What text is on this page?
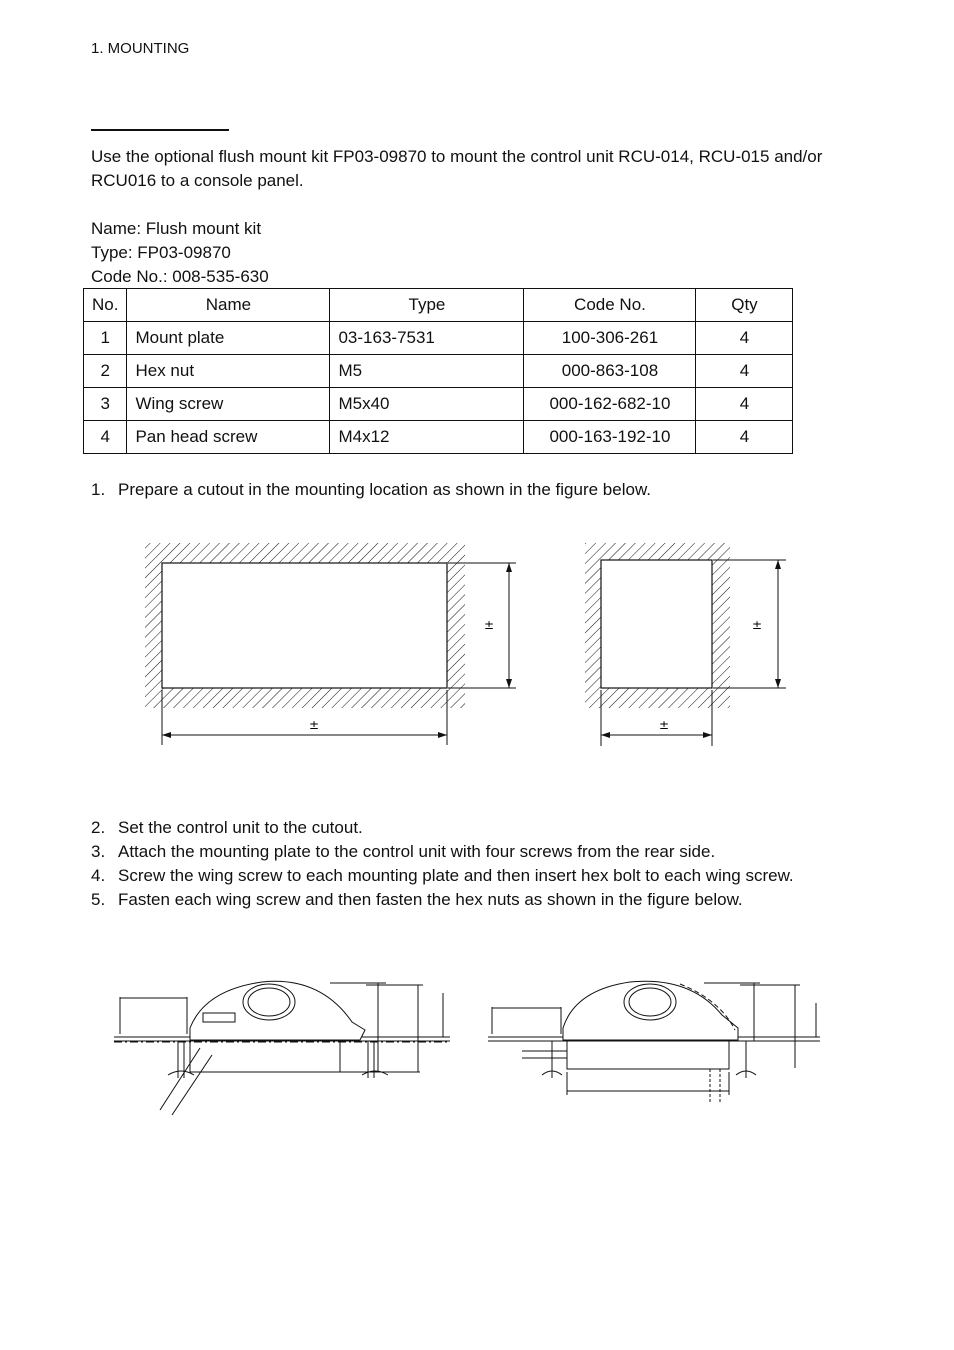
1. MOUNTING
Use the optional flush mount kit FP03-09870 to mount the control unit RCU-014, RCU-015 and/or RCU016 to a console panel.
Name: Flush mount kit
Type: FP03-09870
Code No.: 008-535-630
No.	Name	Type	Code No.	Qty
1	Mount plate	03-163-7531	100-306-261	4
2	Hex nut	M5	000-863-108	4
3	Wing screw	M5x40	000-162-682-10	4
4	Pan head screw	M4x12	000-163-192-10	4
1. Prepare a cutout in the mounting location as shown in the figure below.
2. Set the control unit to the cutout.
3. Attach the mounting plate to the control unit with four screws from the rear side.
4. Screw the wing screw to each mounting plate and then insert hex bolt to each wing screw.
5. Fasten each wing screw and then fasten the hex nuts as shown in the figure below.
±
±
±
±
